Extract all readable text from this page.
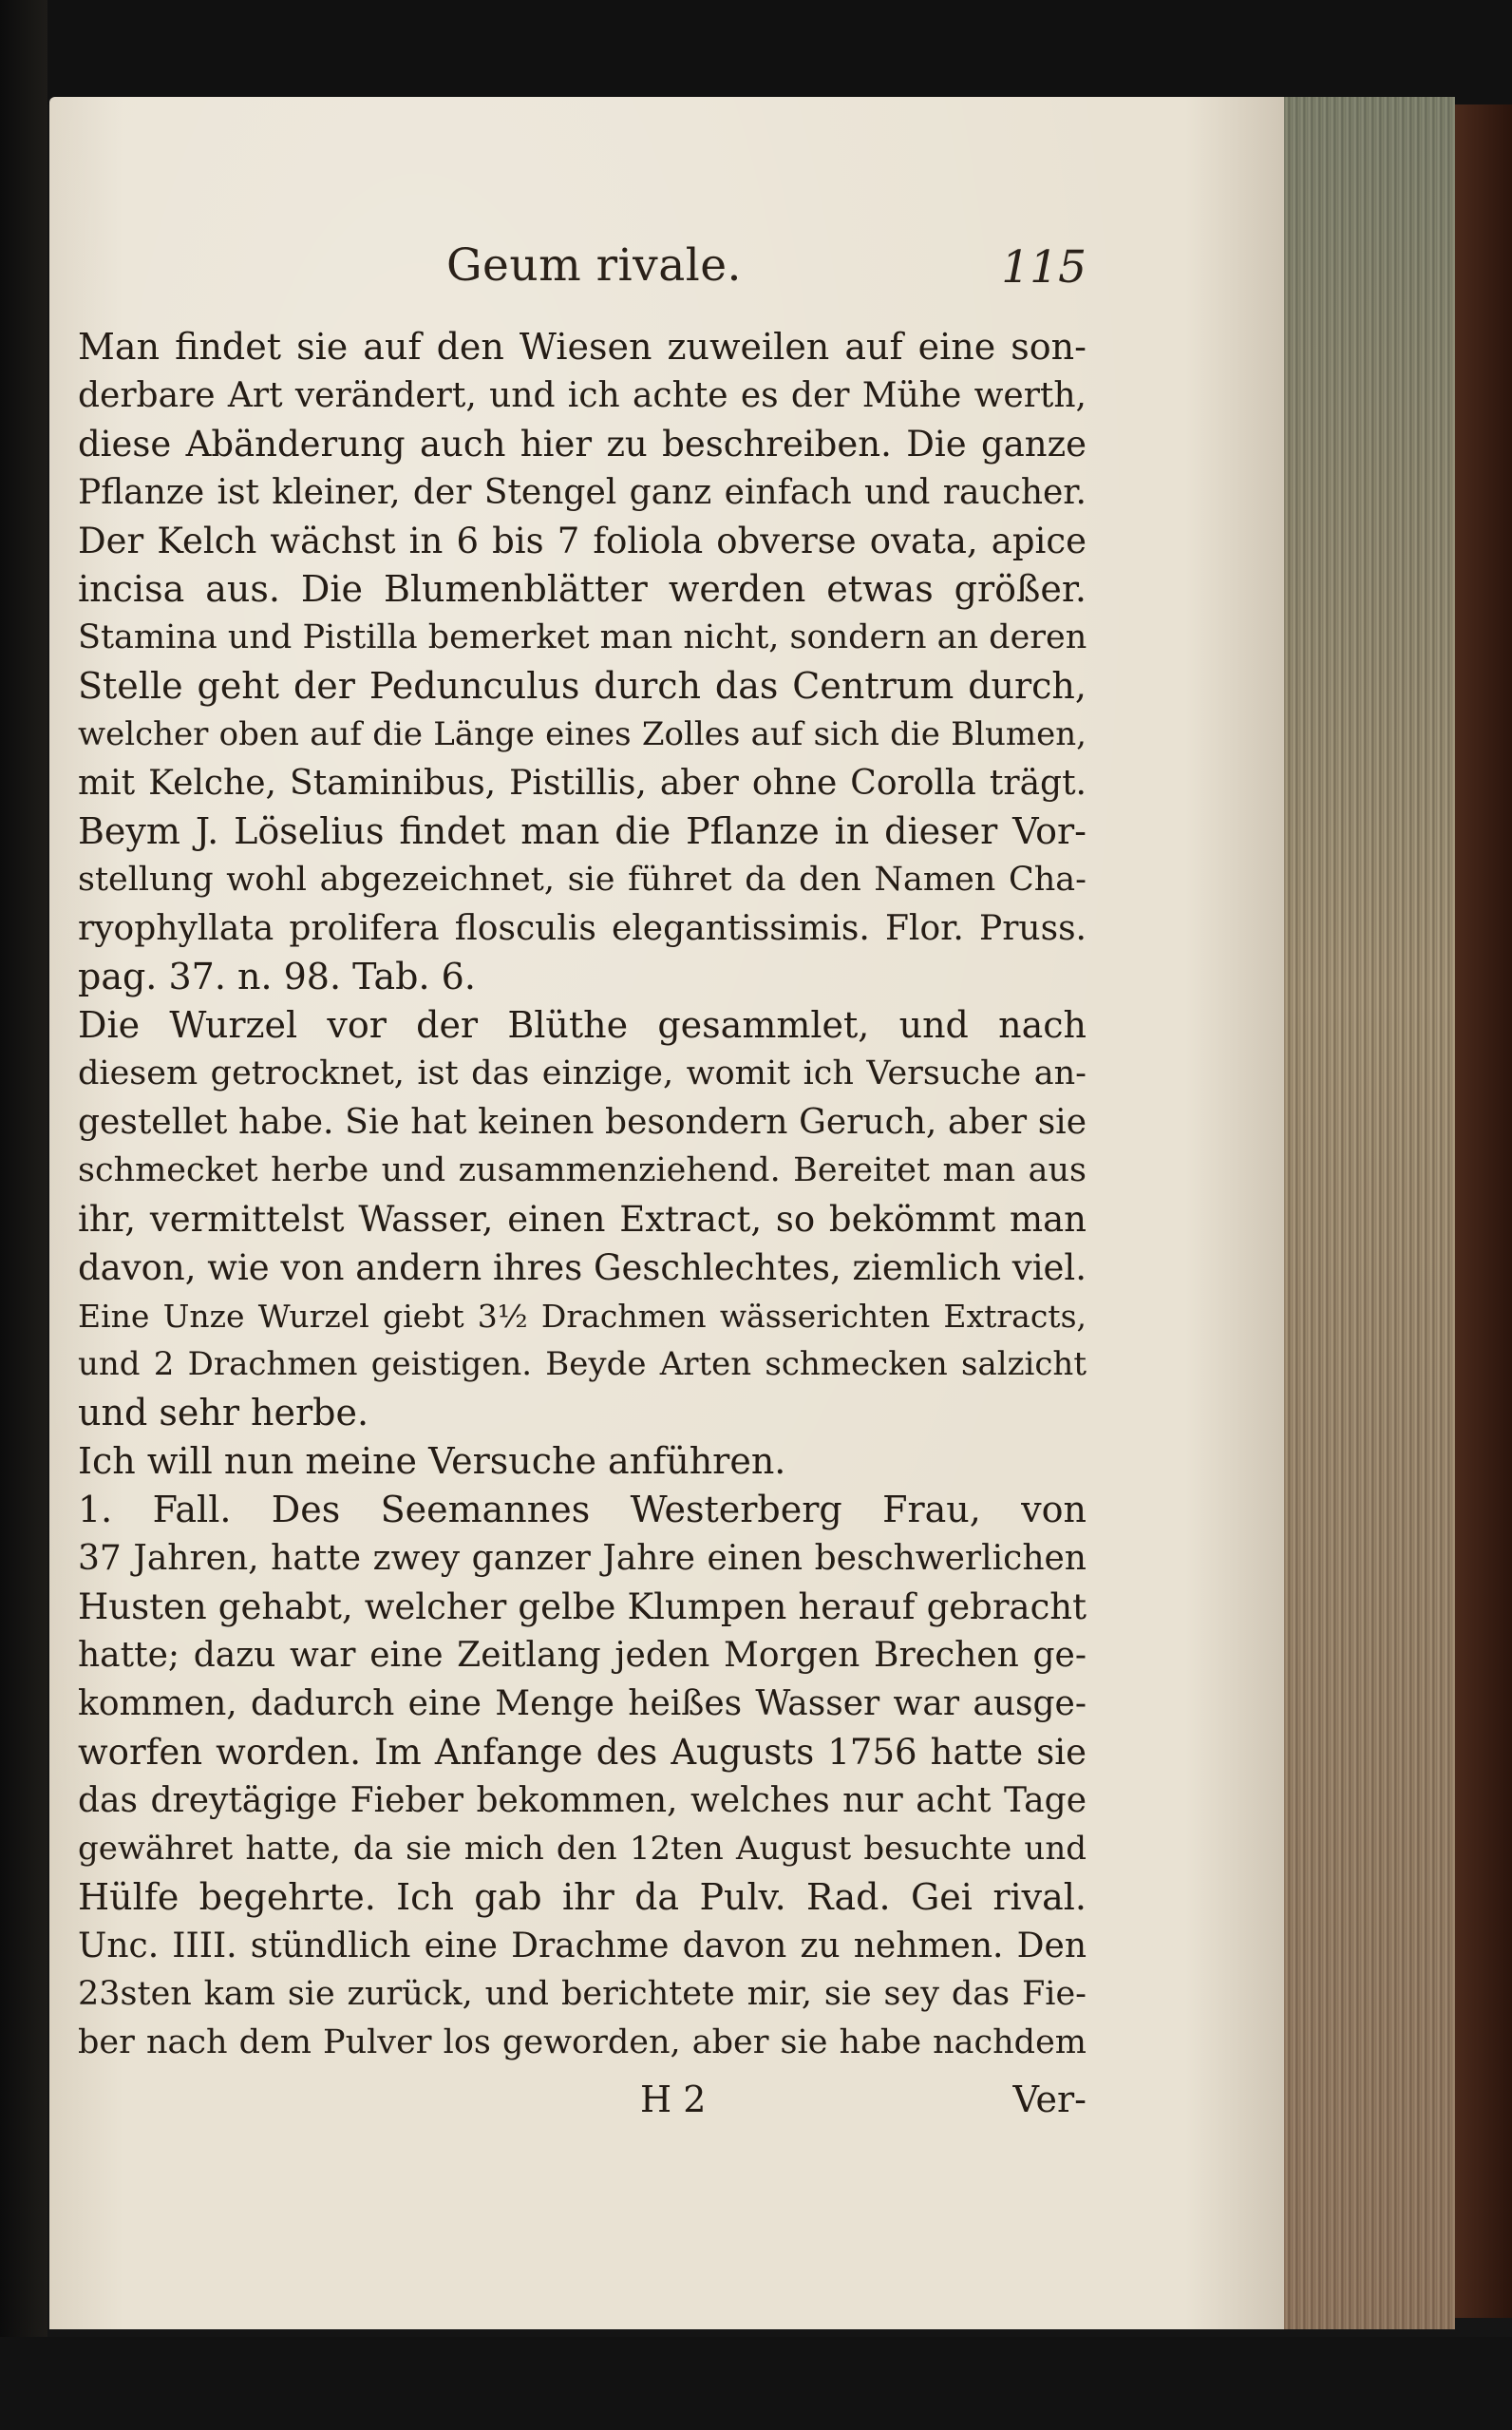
Geum rivale.	115
Man findet sie auf den Wiesen zuweilen auf eine son-
derbare Art verändert, und ich achte es der Mühe werth,
diese Abänderung auch hier zu beschreiben. Die ganze
Pflanze ist kleiner, der Stengel ganz einfach und raucher.
Der Kelch wächst in 6 bis 7 foliola obverse ovata, apice
incisa aus. Die Blumenblätter werden etwas größer.
Stamina und Pistilla bemerket man nicht, sondern an deren
Stelle geht der Pedunculus durch das Centrum durch,
welcher oben auf die Länge eines Zolles auf sich die Blumen,
mit Kelche, Staminibus, Pistillis, aber ohne Corolla trägt.
Beym J. Löselius findet man die Pflanze in dieser Vor-
stellung wohl abgezeichnet, sie führet da den Namen Cha-
ryophyllata prolifera flosculis elegantissimis. Flor. Pruss.
pag. 37. n. 98. Tab. 6.
Die Wurzel vor der Blüthe gesammlet, und nach
diesem getrocknet, ist das einzige, womit ich Versuche an-
gestellet habe. Sie hat keinen besondern Geruch, aber sie
schmecket herbe und zusammenziehend. Bereitet man aus
ihr, vermittelst Wasser, einen Extract, so bekömmt man
davon, wie von andern ihres Geschlechtes, ziemlich viel.
Eine Unze Wurzel giebt 3½ Drachmen wässerichten Extracts,
und 2 Drachmen geistigen. Beyde Arten schmecken salzicht
und sehr herbe.
Ich will nun meine Versuche anführen.
1. Fall. Des Seemannes Westerberg Frau, von
37 Jahren, hatte zwey ganzer Jahre einen beschwerlichen
Husten gehabt, welcher gelbe Klumpen herauf gebracht
hatte; dazu war eine Zeitlang jeden Morgen Brechen ge-
kommen, dadurch eine Menge heißes Wasser war ausge-
worfen worden. Im Anfange des Augusts 1756 hatte sie
das dreytägige Fieber bekommen, welches nur acht Tage
gewähret hatte, da sie mich den 12ten August besuchte und
Hülfe begehrte. Ich gab ihr da Pulv. Rad. Gei rival.
Unc. IIII. stündlich eine Drachme davon zu nehmen. Den
23sten kam sie zurück, und berichtete mir, sie sey das Fie-
ber nach dem Pulver los geworden, aber sie habe nachdem
H 2	Ver-
